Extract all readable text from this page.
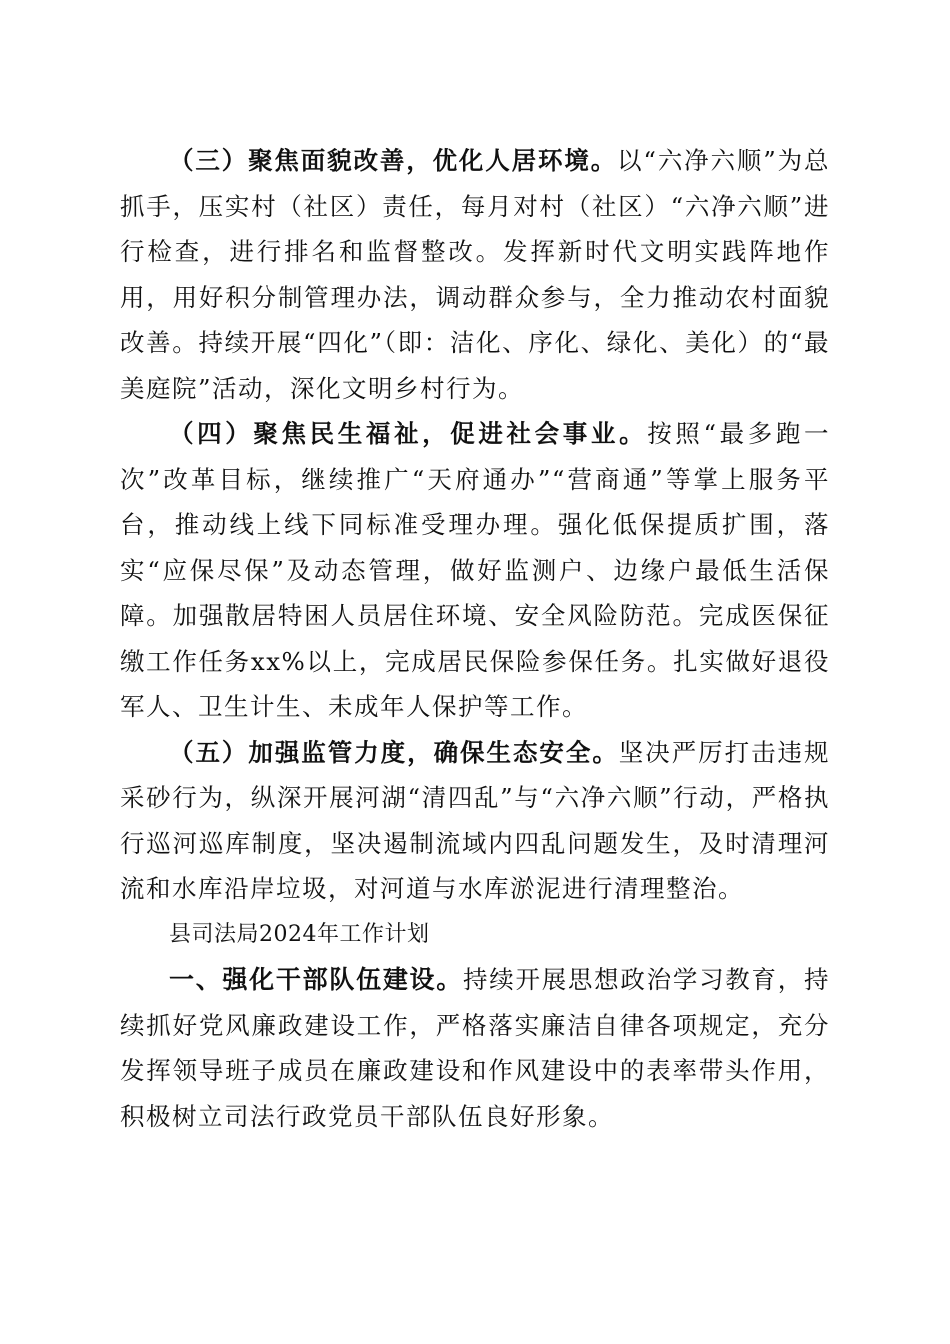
（三）聚焦面貌改善，优化人居环境。以“六净六顺”为总抓手，压实村（社区）责任，每月对村（社区）“六净六顺”进行检查，进行排名和监督整改。发挥新时代文明实践阵地作用，用好积分制管理办法，调动群众参与，全力推动农村面貌改善。持续开展“四化”（即：洁化、序化、绿化、美化）的“最美庭院”活动，深化文明乡村行为。

（四）聚焦民生福祉，促进社会事业。按照“最多跑一次”改革目标，继续推广“天府通办”“营商通”等掌上服务平台，推动线上线下同标准受理办理。强化低保提质扩围，落实“应保尽保”及动态管理，做好监测户、边缘户最低生活保障。加强散居特困人员居住环境、安全风险防范。完成医保征缴工作任务xx%以上，完成居民保险参保任务。扎实做好退役军人、卫生计生、未成年人保护等工作。

（五）加强监管力度，确保生态安全。坚决严厉打击违规采砂行为，纵深开展河湖“清四乱”与“六净六顺”行动，严格执行巡河巡库制度，坚决遏制流域内四乱问题发生，及时清理河流和水库沿岸垃圾，对河道与水库淤泥进行清理整治。

县司法局2024年工作计划

一、强化干部队伍建设。持续开展思想政治学习教育，持续抓好党风廉政建设工作，严格落实廉洁自律各项规定，充分发挥领导班子成员在廉政建设和作风建设中的表率带头作用，积极树立司法行政党员干部队伍良好形象。
